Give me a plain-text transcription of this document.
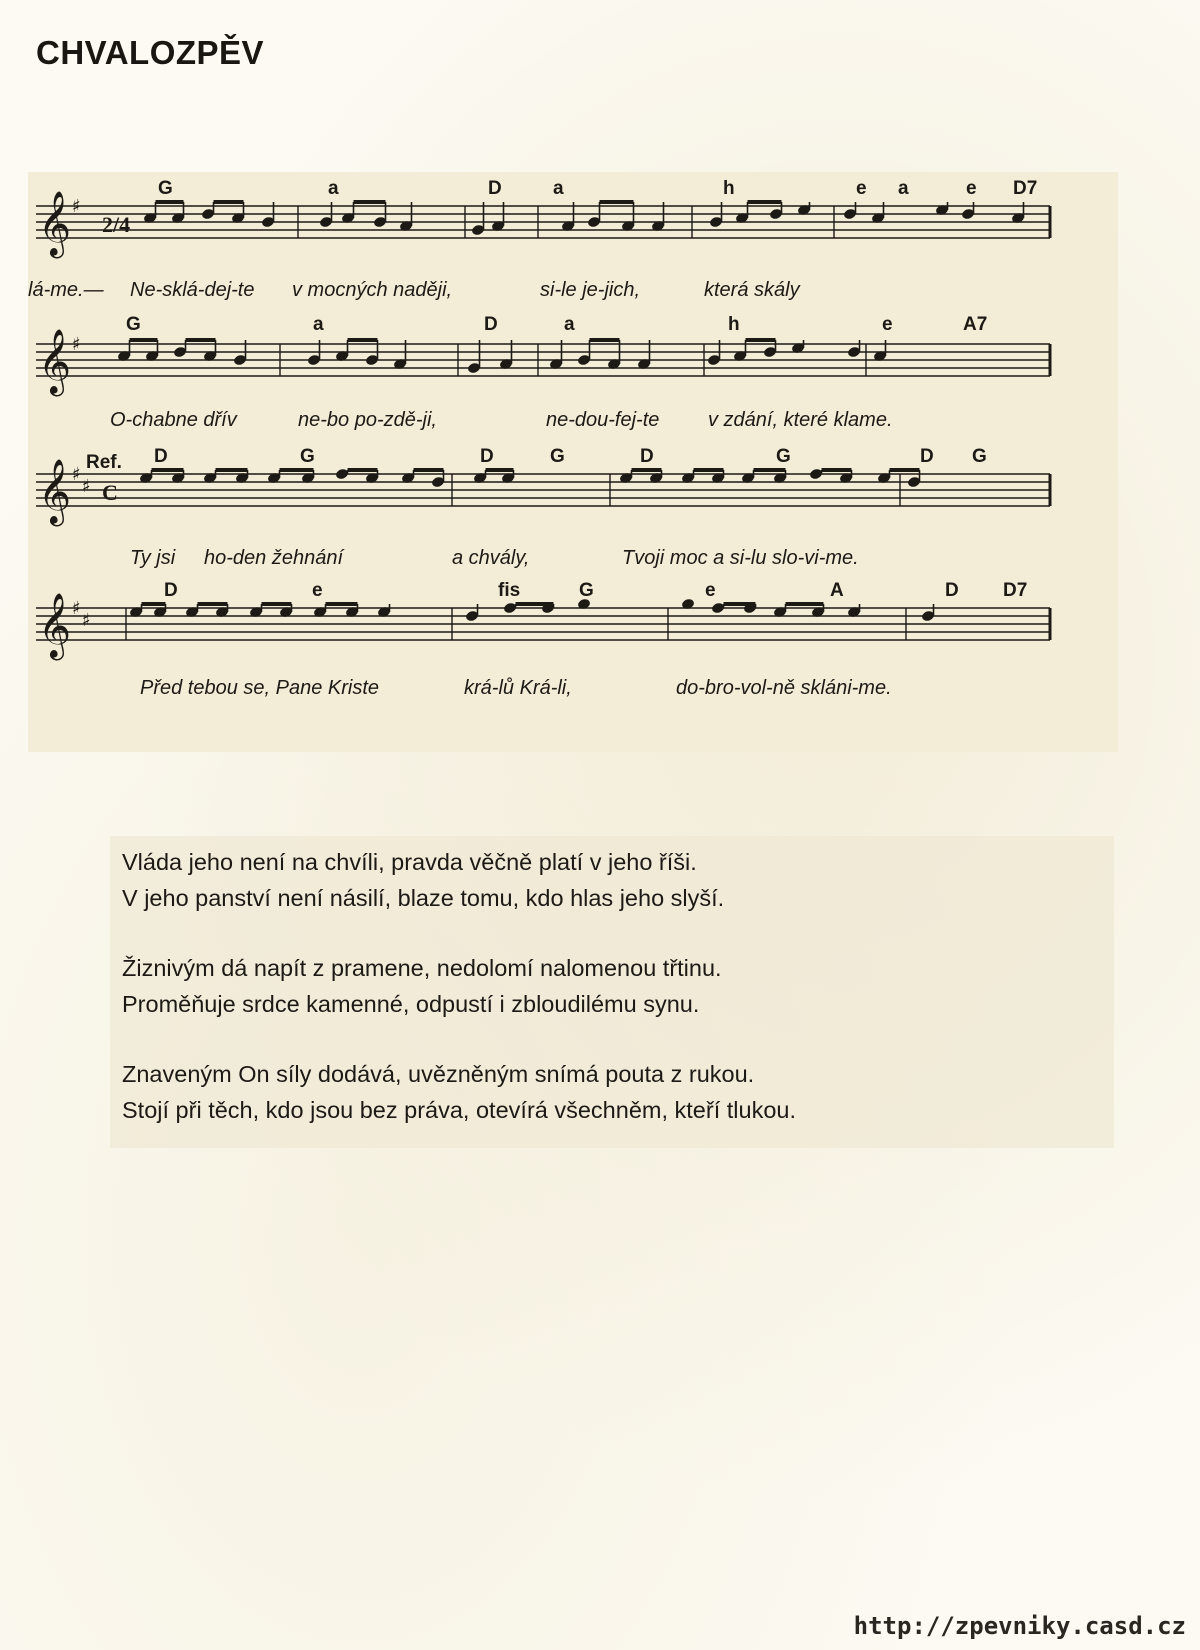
CHVALOZPĚV
𝄞 ♯
2/4
G	a	D	a	h	e a	e D7
Ne-sklá-dej-te v mocných naději,	si-le je-jich,	která skály
lá-me.—
𝄞 ♯
G	a	D	a	h	e	A7
O-chabne dřív	ne-bo po-zdě-ji,	ne-dou-fej-te v zdání, které klame.
𝄞 ♯
♯
Ref.
C
D	G	D	G	D	G	D G
Ty jsi ho-den žehnání	a chvály,	Tvoji moc a si-lu slo-vi-me.
𝄞 ♯
♯
D	e	fis	G	e	A	D D7
Před tebou se, Pane Kriste	krá-lů Krá-li,	do-bro-vol-ně skláni-me.
Vláda jeho není na chvíli, pravda věčně platí v jeho říši.
V jeho panství není násilí, blaze tomu, kdo hlas jeho slyší.
Žiznivým dá napít z pramene, nedolomí nalomenou třtinu.
Proměňuje srdce kamenné, odpustí i zbloudilému synu.
Znaveným On síly dodává, uvězněným snímá pouta z rukou.
Stojí při těch, kdo jsou bez práva, otevírá všechněm, kteří tlukou.
http://zpevniky.casd.cz
